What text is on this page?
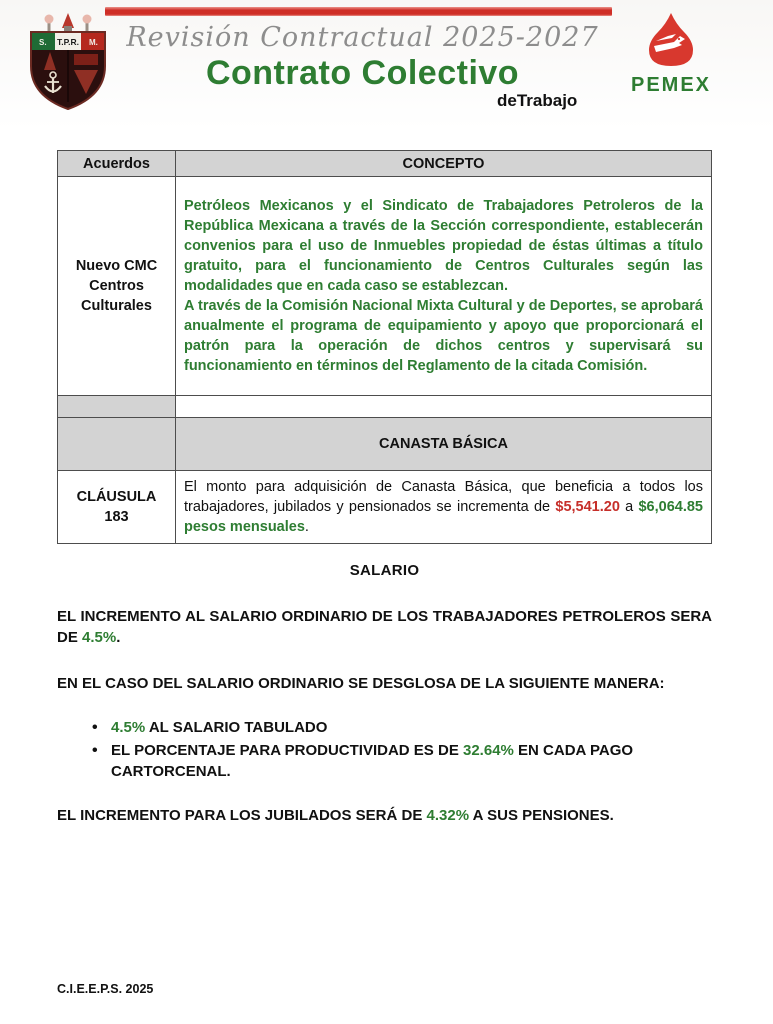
S. T.P.R. M.
PEMEX
Revisión Contractual 2025-2027
Contrato Colectivo
deTrabajo
Acuerdos	CONCEPTO
Nuevo CMC Centros Culturales	Petróleos Mexicanos y el Sindicato de Trabajadores Petroleros de la República Mexicana a través de la Sección correspondiente, establecerán convenios para el uso de Inmuebles propiedad de éstas últimas a título gratuito, para el funcionamiento de Centros Culturales según las modalidades que en cada caso se establezcan.

A través de la Comisión Nacional Mixta Cultural y de Deportes, se aprobará anualmente el programa de equipamiento y apoyo que proporcionará el patrón para la operación de dichos centros y supervisará su funcionamiento en términos del Reglamento de la citada Comisión.

	CANASTA BÁSICA
CLÁUSULA 183	El monto para adquisición de Canasta Básica, que beneficia a todos los trabajadores, jubilados y pensionados se incrementa de $5,541.20 a $6,064.85 pesos mensuales.
SALARIO

EL INCREMENTO AL SALARIO ORDINARIO DE LOS TRABAJADORES PETROLEROS SERA DE 4.5%.

EN EL CASO DEL SALARIO ORDINARIO SE DESGLOSA DE LA SIGUIENTE MANERA:

• 4.5% AL SALARIO TABULADO
• EL PORCENTAJE PARA PRODUCTIVIDAD ES DE 32.64% EN CADA PAGO CARTORCENAL.

EL INCREMENTO PARA LOS JUBILADOS SERÁ DE 4.32% A SUS PENSIONES.

C.I.E.E.P.S. 2025
